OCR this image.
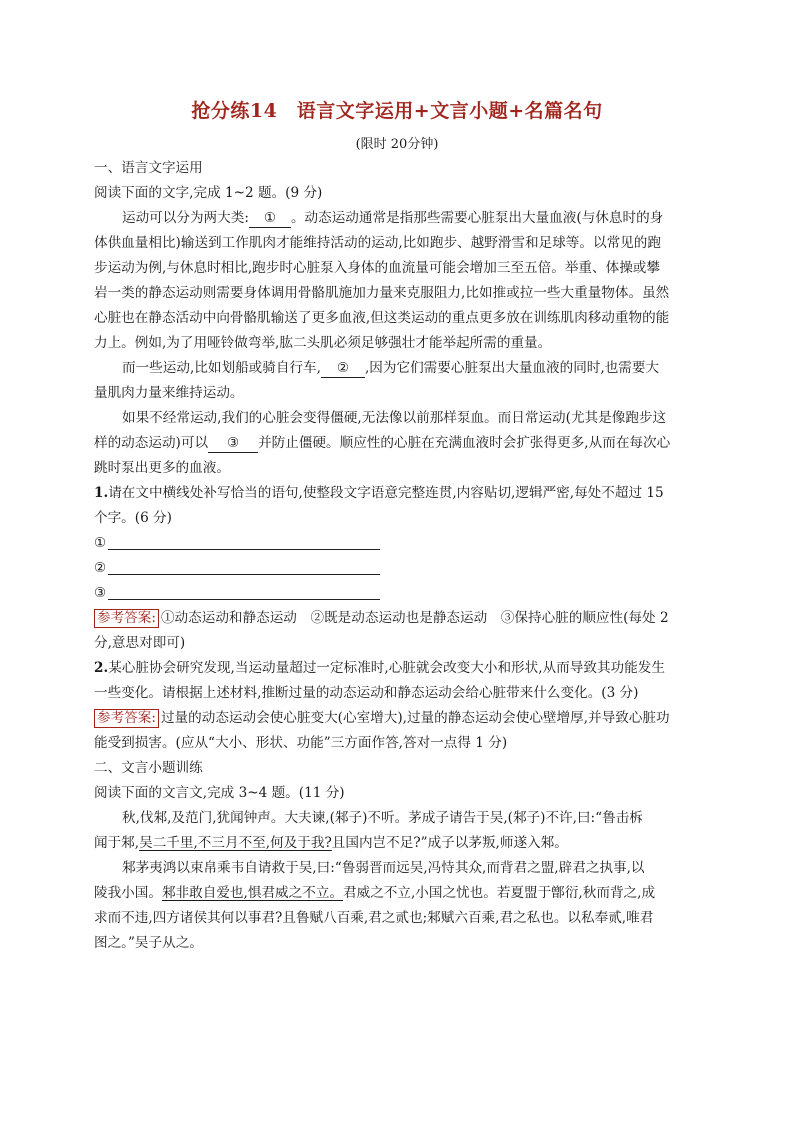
抢分练14　语言文字运用+文言小题+名篇名句
(限时 20分钟)

一、语言文字运用

阅读下面的文字,完成 1~2 题。(9 分)

运动可以分为两大类: ① 。动态运动通常是指那些需要心脏泵出大量血液(与休息时的身

体供血量相比)输送到工作肌肉才能维持活动的运动,比如跑步、越野滑雪和足球等。以常见的跑

步运动为例,与休息时相比,跑步时心脏泵入身体的血流量可能会增加三至五倍。举重、体操或攀

岩一类的静态运动则需要身体调用骨骼肌施加力量来克服阻力,比如推或拉一些大重量物体。虽然

心脏也在静态活动中向骨骼肌输送了更多血液,但这类运动的重点更多放在训练肌肉移动重物的能

力上。例如,为了用哑铃做弯举,肱二头肌必须足够强壮才能举起所需的重量。

而一些运动,比如划船或骑自行车, ② ,因为它们需要心脏泵出大量血液的同时,也需要大

量肌肉力量来维持运动。

如果不经常运动,我们的心脏会变得僵硬,无法像以前那样泵血。而日常运动(尤其是像跑步这

样的动态运动)可以 ③ 并防止僵硬。顺应性的心脏在充满血液时会扩张得更多,从而在每次心

跳时泵出更多的血液。

1.请在文中横线处补写恰当的语句,使整段文字语意完整连贯,内容贴切,逻辑严密,每处不超过 15

个字。(6 分)

①

②

③

参考答案: ①动态运动和静态运动　②既是动态运动也是静态运动　③保持心脏的顺应性(每处 2

分,意思对即可)

2.某心脏协会研究发现,当运动量超过一定标准时,心脏就会改变大小和形状,从而导致其功能发生

一些变化。请根据上述材料,推断过量的动态运动和静态运动会给心脏带来什么变化。(3 分)

参考答案: 过量的动态运动会使心脏变大(心室增大),过量的静态运动会使心壁增厚,并导致心脏功

能受到损害。(应从“大小、形状、功能”三方面作答,答对一点得 1 分)

二、文言小题训练

阅读下面的文言文,完成 3~4 题。(11 分)

秋,伐邾,及范门,犹闻钟声。大夫谏,(邾子)不听。茅成子请告于吴,(邾子)不许,曰:“鲁击柝

闻于邾,吴二千里,不三月不至,何及于我?且国内岂不足?”成子以茅叛,师遂入邾。

邾茅夷鸿以束帛乘韦自请救于吴,曰:“鲁弱晋而远吴,冯恃其众,而背君之盟,辟君之执事,以

陵我小国。邾非敢自爱也,惧君威之不立。君威之不立,小国之忧也。若夏盟于鄫衍,秋而背之,成

求而不违,四方诸侯其何以事君?且鲁赋八百乘,君之贰也;邾赋六百乘,君之私也。以私奉贰,唯君

图之。”吴子从之。
